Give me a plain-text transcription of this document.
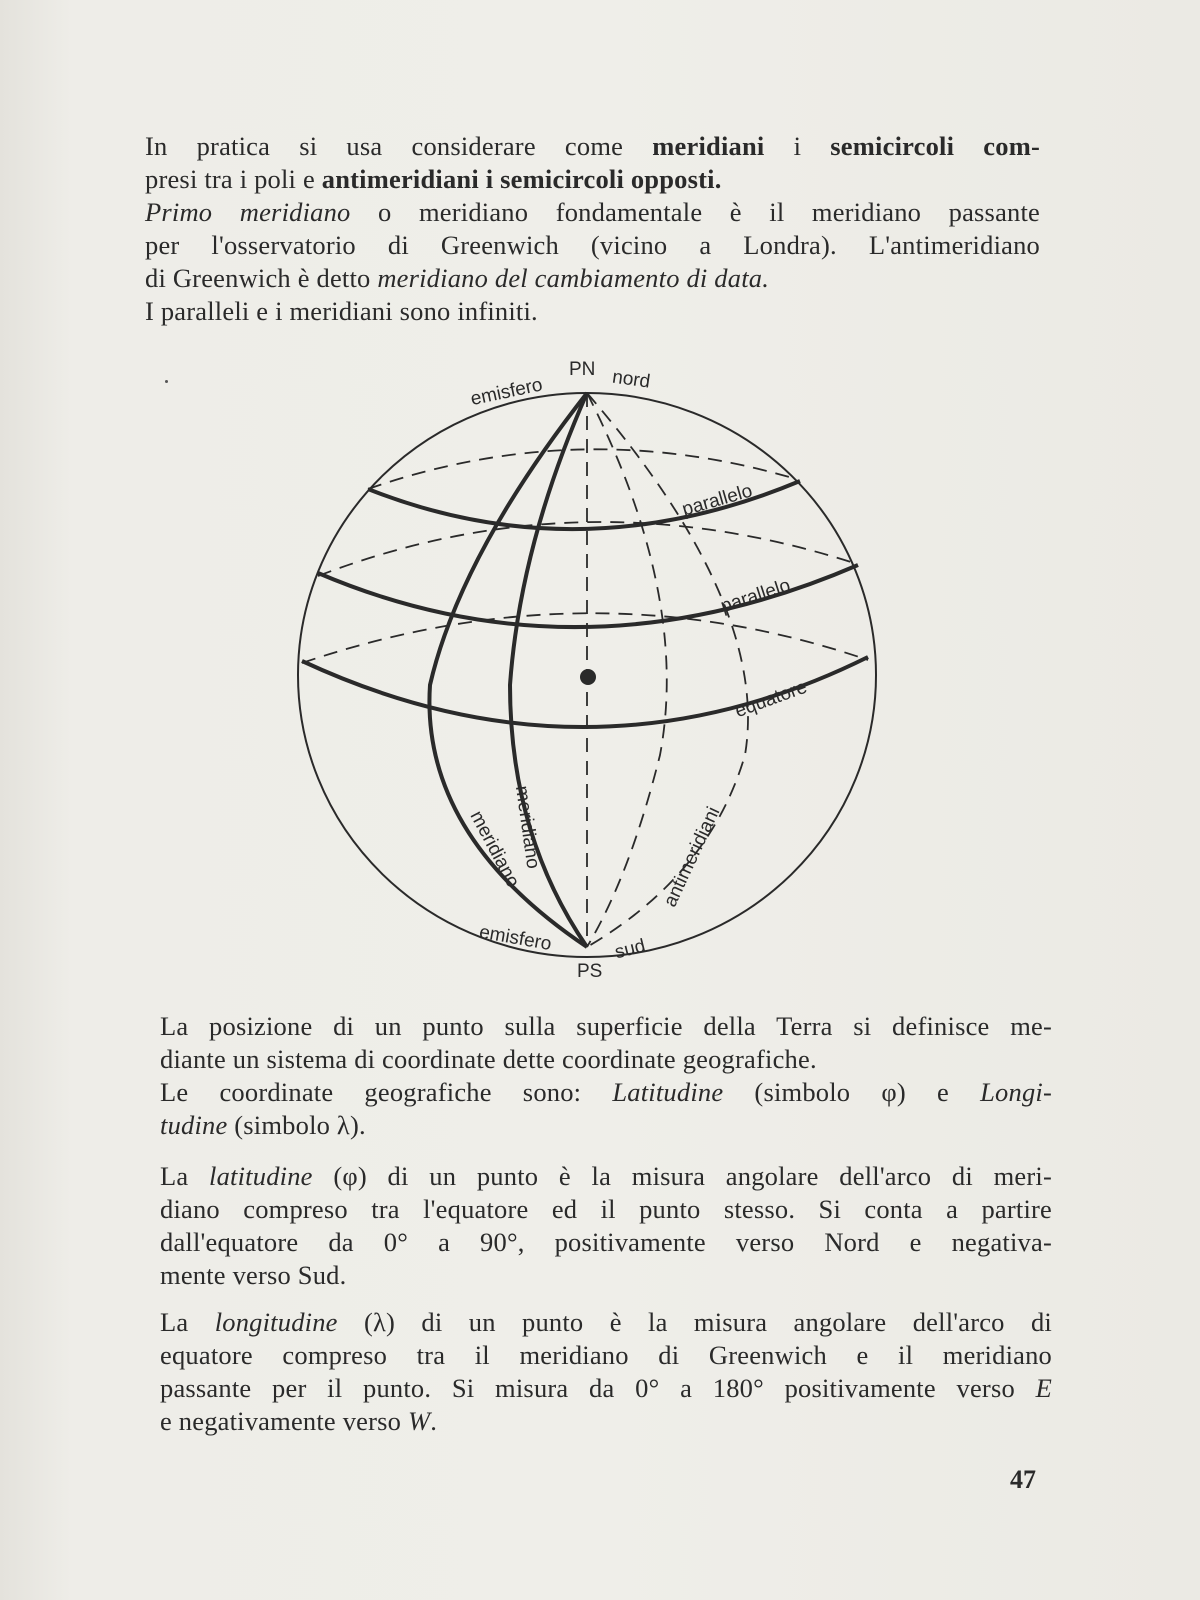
In pratica si usa considerare come meridiani i semicircoli com-
presi tra i poli e antimeridiani i semicircoli opposti.
Primo meridiano o meridiano fondamentale è il meridiano passante
per l'osservatorio di Greenwich (vicino a Londra). L'antimeridiano
di Greenwich è detto meridiano del cambiamento di data.
I paralleli e i meridiani sono infiniti.
PN
emisfero	nord
parallelo
parallelo
equatore
meridiano
meridiano	antimeridiani
emisfero	sud
PS
La posizione di un punto sulla superficie della Terra si definisce me-
diante un sistema di coordinate dette coordinate geografiche.
Le coordinate geografiche sono: Latitudine (simbolo φ) e Longi-
tudine (simbolo λ).
La latitudine (φ) di un punto è la misura angolare dell'arco di meri-
diano compreso tra l'equatore ed il punto stesso. Si conta a partire
dall'equatore da 0° a 90°, positivamente verso Nord e negativa-
mente verso Sud.
La longitudine (λ) di un punto è la misura angolare dell'arco di
equatore compreso tra il meridiano di Greenwich e il meridiano
passante per il punto. Si misura da 0° a 180° positivamente verso E
e negativamente verso W.
47
